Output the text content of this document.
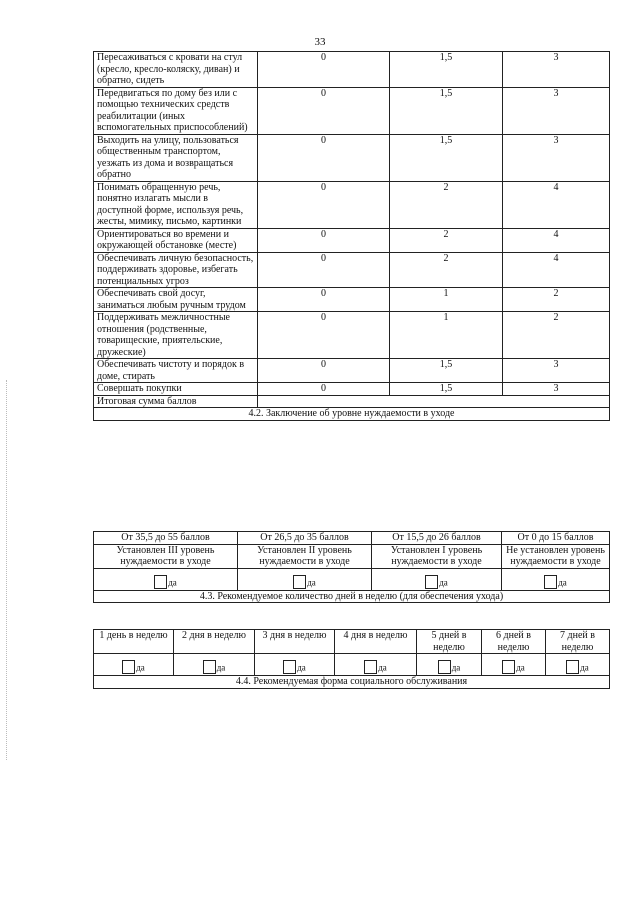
33
Пересаживаться с кровати на стул (кресло, кресло-коляску, диван) и обратно, сидеть	0	1,5	3
Передвигаться по дому без или с помощью технических средств реабилитации (иных вспомогательных приспособлений)	0	1,5	3
Выходить на улицу, пользоваться общественным транспортом, уезжать из дома и возвращаться обратно	0	1,5	3
Понимать обращенную речь, понятно излагать мысли в доступной форме, используя речь, жесты, мимику, письмо, картинки	0	2	4
Ориентироваться во времени и окружающей обстановке (месте)	0	2	4
Обеспечивать личную безопасность, поддерживать здоровье, избегать потенциальных угроз	0	2	4
Обеспечивать свой досуг, заниматься любым ручным трудом	0	1	2
Поддерживать межличностные отношения (родственные, товарищеские, приятельские, дружеские)	0	1	2
Обеспечивать чистоту и порядок в доме, стирать	0	1,5	3
Совершать покупки	0	1,5	3
Итоговая сумма баллов			
4.2. Заключение об уровне нуждаемости в уходе			
От 35,5 до 55 баллов	От 26,5 до 35 баллов	От 15,5 до 26 баллов	От 0 до 15 баллов
Установлен III уровень нуждаемости в уходе	Установлен II уровень нуждаемости в уходе	Установлен I уровень нуждаемости в уходе	Не установлен уровень нуждаемости в уходе
да	да	да	да
4.3. Рекомендуемое количество дней в неделю (для обеспечения ухода)			
1 день в неделю	2 дня в неделю	3 дня в неделю	4 дня в неделю	5 дней в неделю	6 дней в неделю	7 дней в неделю
да	да	да	да	да	да	да
4.4. Рекомендуемая форма социального обслуживания						
